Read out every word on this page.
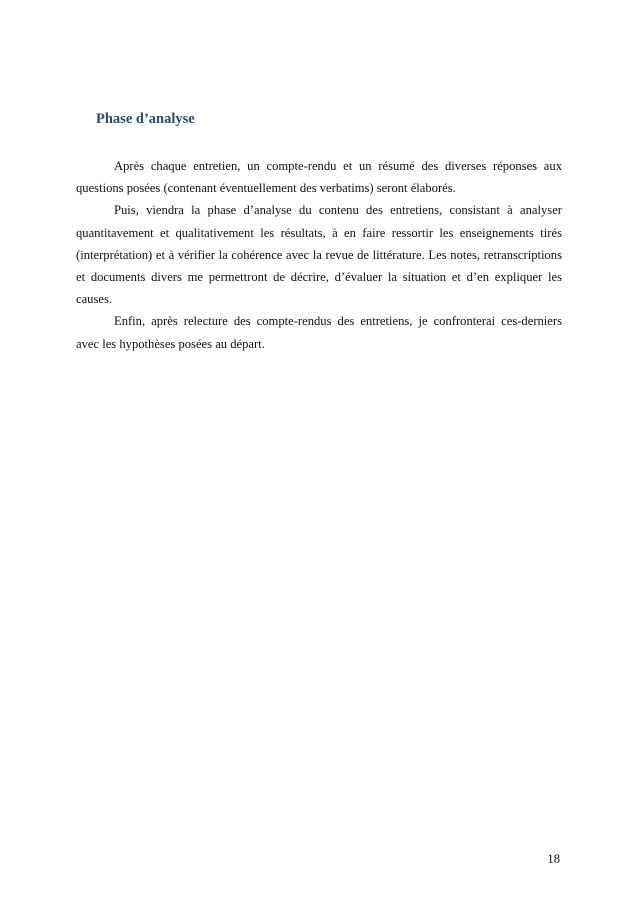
Phase d’analyse

Après chaque entretien, un compte-rendu et un résumé des diverses réponses aux questions posées (contenant éventuellement des verbatims) seront élaborés.

Puis, viendra la phase d’analyse du contenu des entretiens, consistant à analyser quantitavement et qualitativement les résultats, à en faire ressortir les enseignements tirés (interprétation) et à vérifier la cohérence avec la revue de littérature. Les notes, retranscriptions et documents divers me permettront de décrire, d’évaluer la situation et d’en expliquer les causes.

Enfin, après relecture des compte-rendus des entretiens, je confronterai ces-derniers avec les hypothèses posées au départ.

18
